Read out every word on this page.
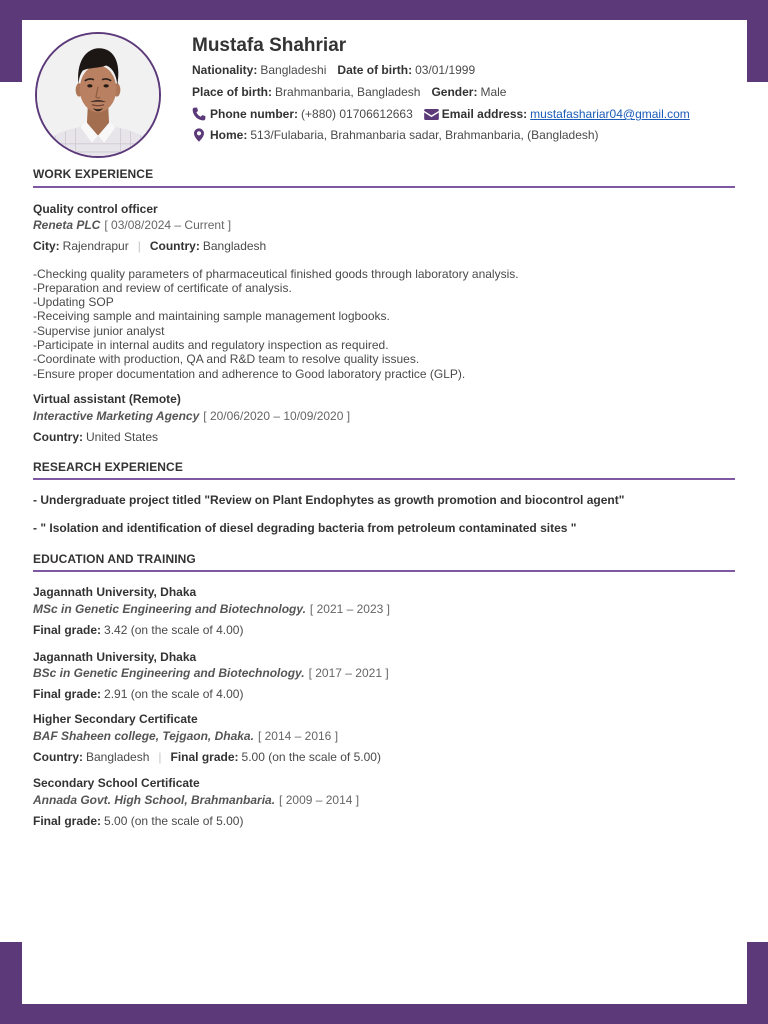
Mustafa Shahriar
Nationality: Bangladeshi Date of birth: 03/01/1999
Place of birth: Brahmanbaria, Bangladesh Gender: Male
Phone number: (+880) 01706612663 Email address: mustafashariar04@gmail.com
Home: 513/Fulabaria, Brahmanbaria sadar, Brahmanbaria, (Bangladesh)
WORK EXPERIENCE
Quality control officer
Reneta PLC [ 03/08/2024 – Current ]
City: Rajendrapur | Country: Bangladesh
-Checking quality parameters of pharmaceutical finished goods through laboratory analysis.
-Preparation and review of certificate of analysis.
-Updating SOP
-Receiving sample and maintaining sample management logbooks.
-Supervise junior analyst
-Participate in internal audits and regulatory inspection as required.
-Coordinate with production, QA and R&D team to resolve quality issues.
-Ensure proper documentation and adherence to Good laboratory practice (GLP).
Virtual assistant (Remote)
Interactive Marketing Agency [ 20/06/2020 – 10/09/2020 ]
Country: United States
RESEARCH EXPERIENCE
- Undergraduate project titled "Review on Plant Endophytes as growth promotion and biocontrol agent"
- " Isolation and identification of diesel degrading bacteria from petroleum contaminated sites "
EDUCATION AND TRAINING
Jagannath University, Dhaka
MSc in Genetic Engineering and Biotechnology. [ 2021 – 2023 ]
Final grade: 3.42 (on the scale of 4.00)
Jagannath University, Dhaka
BSc in Genetic Engineering and Biotechnology. [ 2017 – 2021 ]
Final grade: 2.91 (on the scale of 4.00)
Higher Secondary Certificate
BAF Shaheen college, Tejgaon, Dhaka. [ 2014 – 2016 ]
Country: Bangladesh | Final grade: 5.00 (on the scale of 5.00)
Secondary School Certificate
Annada Govt. High School, Brahmanbaria. [ 2009 – 2014 ]
Final grade: 5.00 (on the scale of 5.00)
